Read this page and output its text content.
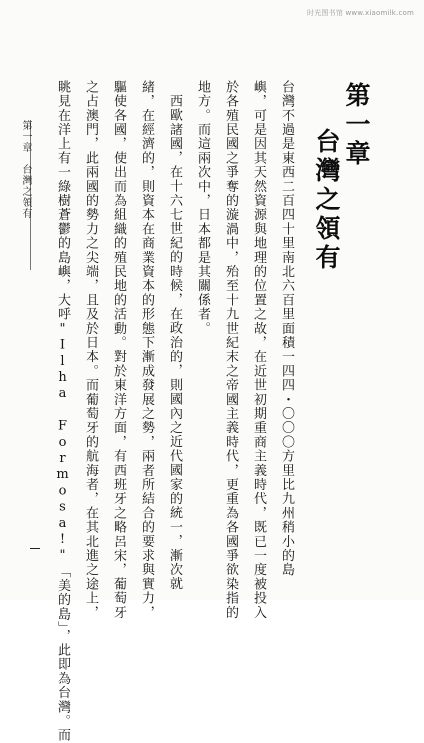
时光图书馆 www.xiaomilk.com
第一章　台灣之領有	台灣不過是東西二百四十里南北六百里面積一四四・〇〇〇方里比九州稍小的島
嶼，可是因其天然資源與地理的位置之故，在近世初期重商主義時代，既已一度被投入
於各殖民國之爭奪的漩渦中，殆至十九世紀末之帝國主義時代，更重為各國爭欲染指的
地方。而這兩次中，日本都是其關係者。
西歐諸國，在十六七世紀的時候，在政治的，則國內之近代國家的統一，漸次就
緒，在經濟的，則資本在商業資本的形態下漸成發展之勢，兩者所結合的要求與實力，
驅使各國，使出而為組織的殖民地的活動。對於東洋方面，有西班牙之略呂宋，葡萄牙
之占澳門，此兩國的勢力之尖端，且及於日本。而葡萄牙的航海者，在其北進之途上，
眺見在洋上有一綠樹蒼鬱的島嶼，大呼"Ilha Formosa!"「美的島」，此即為台灣。而	第一章
台灣之領有
